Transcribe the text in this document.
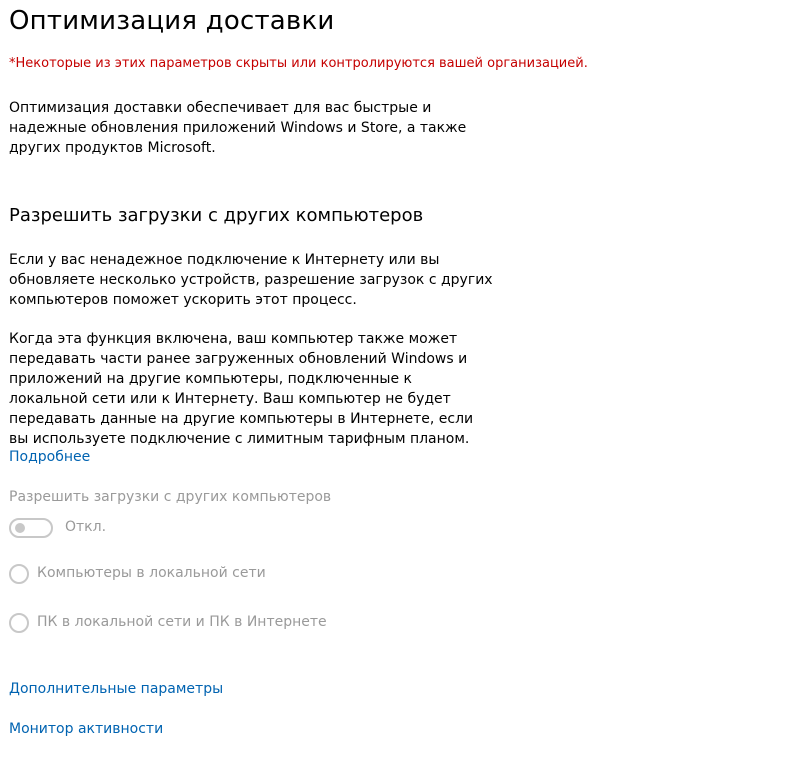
Оптимизация доставки
*Некоторые из этих параметров скрыты или контролируются вашей организацией.
Оптимизация доставки обеспечивает для вас быстрые и
надежные обновления приложений Windows и Store, а также
других продуктов Microsoft.
Разрешить загрузки с других компьютеров
Если у вас ненадежное подключение к Интернету или вы
обновляете несколько устройств, разрешение загрузок с других
компьютеров поможет ускорить этот процесс.
Когда эта функция включена, ваш компьютер также может
передавать части ранее загруженных обновлений Windows и
приложений на другие компьютеры, подключенные к
локальной сети или к Интернету. Ваш компьютер не будет
передавать данные на другие компьютеры в Интернете, если
вы используете подключение с лимитным тарифным планом.
Подробнее
Разрешить загрузки с других компьютеров
Откл.
Компьютеры в локальной сети
ПК в локальной сети и ПК в Интернете
Дополнительные параметры
Монитор активности
